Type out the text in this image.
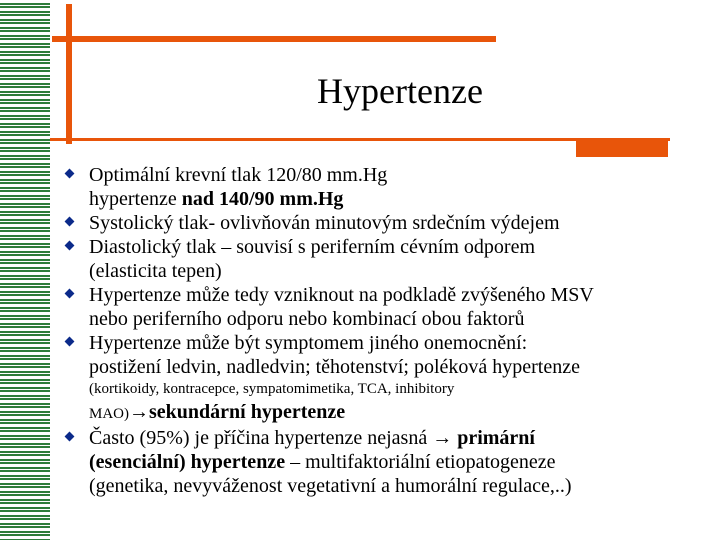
Hypertenze
Optimální krevní tlak 120/80 mm.Hg
hypertenze nad 140/90 mm.Hg
Systolický tlak- ovlivňován minutovým srdečním výdejem
Diastolický tlak – souvisí s periferním cévním odporem
(elasticita tepen)
Hypertenze může tedy vzniknout na podkladě zvýšeného MSV
nebo periferního odporu nebo kombinací obou faktorů
Hypertenze může být symptomem jiného onemocnění:
postižení ledvin, nadledvin; těhotenství; poléková hypertenze
(kortikoidy, kontracepce, sympatomimetika, TCA, inhibitory
MAO)→sekundární hypertenze
Často (95%) je příčina hypertenze nejasná → primární
(esenciální) hypertenze – multifaktoriální etiopatogeneze
(genetika, nevyváženost vegetativní a humorální regulace,..)
